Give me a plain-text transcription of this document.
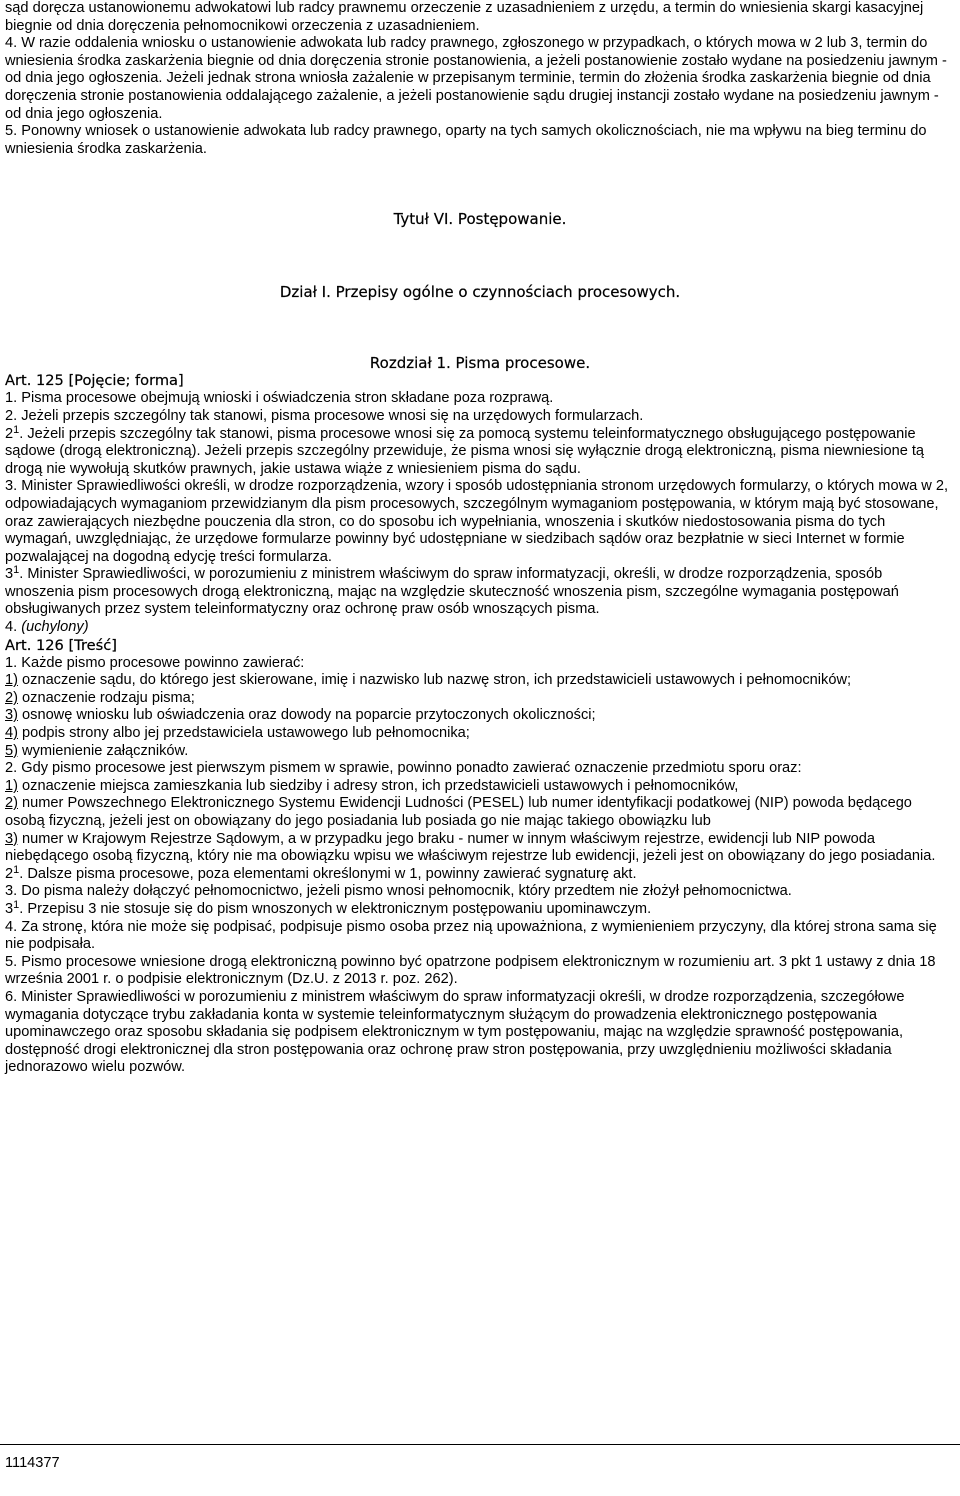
sąd doręcza ustanowionemu adwokatowi lub radcy prawnemu orzeczenie z uzasadnieniem z urzędu, a termin do wniesienia skargi kasacyjnej biegnie od dnia doręczenia pełnomocnikowi orzeczenia z uzasadnieniem.

4. W razie oddalenia wniosku o ustanowienie adwokata lub radcy prawnego, zgłoszonego w przypadkach, o których mowa w 2 lub 3, termin do wniesienia środka zaskarżenia biegnie od dnia doręczenia stronie postanowienia, a jeżeli postanowienie zostało wydane na posiedzeniu jawnym - od dnia jego ogłoszenia. Jeżeli jednak strona wniosła zażalenie w przepisanym terminie, termin do złożenia środka zaskarżenia biegnie od dnia doręczenia stronie postanowienia oddalającego zażalenie, a jeżeli postanowienie sądu drugiej instancji zostało wydane na posiedzeniu jawnym - od dnia jego ogłoszenia.

5. Ponowny wniosek o ustanowienie adwokata lub radcy prawnego, oparty na tych samych okolicznościach, nie ma wpływu na bieg terminu do wniesienia środka zaskarżenia.

Tytuł VI. Postępowanie.

Dział I. Przepisy ogólne o czynnościach procesowych.

Rozdział 1. Pisma procesowe.

Art. 125 [Pojęcie; forma]

1. Pisma procesowe obejmują wnioski i oświadczenia stron składane poza rozprawą.

2. Jeżeli przepis szczególny tak stanowi, pisma procesowe wnosi się na urzędowych formularzach.

$2^1$. Jeżeli przepis szczególny tak stanowi, pisma procesowe wnosi się za pomocą systemu teleinformatycznego obsługującego postępowanie sądowe (drogą elektroniczną). Jeżeli przepis szczególny przewiduje, że pisma wnosi się wyłącznie drogą elektroniczną, pisma niewniesione tą drogą nie wywołują skutków prawnych, jakie ustawa wiąże z wniesieniem pisma do sądu.

3. Minister Sprawiedliwości określi, w drodze rozporządzenia, wzory i sposób udostępniania stronom urzędowych formularzy, o których mowa w 2, odpowiadających wymaganiom przewidzianym dla pism procesowych, szczególnym wymaganiom postępowania, w którym mają być stosowane, oraz zawierających niezbędne pouczenia dla stron, co do sposobu ich wypełniania, wnoszenia i skutków niedostosowania pisma do tych wymagań, uwzględniając, że urzędowe formularze powinny być udostępniane w siedzibach sądów oraz bezpłatnie w sieci Internet w formie pozwalającej na dogodną edycję treści formularza.

$3^1$. Minister Sprawiedliwości, w porozumieniu z ministrem właściwym do spraw informatyzacji, określi, w drodze rozporządzenia, sposób wnoszenia pism procesowych drogą elektroniczną, mając na względzie skuteczność wnoszenia pism, szczególne wymagania postępowań obsługiwanych przez system teleinformatyczny oraz ochronę praw osób wnoszących pisma.

4. (uchylony)

Art. 126 [Treść]

1. Każde pismo procesowe powinno zawierać:

1) oznaczenie sądu, do którego jest skierowane, imię i nazwisko lub nazwę stron, ich przedstawicieli ustawowych i pełnomocników;

2) oznaczenie rodzaju pisma;

3) osnowę wniosku lub oświadczenia oraz dowody na poparcie przytoczonych okoliczności;

4) podpis strony albo jej przedstawiciela ustawowego lub pełnomocnika;

5) wymienienie załączników.

2. Gdy pismo procesowe jest pierwszym pismem w sprawie, powinno ponadto zawierać oznaczenie przedmiotu sporu oraz:

1) oznaczenie miejsca zamieszkania lub siedziby i adresy stron, ich przedstawicieli ustawowych i pełnomocników,

2) numer Powszechnego Elektronicznego Systemu Ewidencji Ludności (PESEL) lub numer identyfikacji podatkowej (NIP) powoda będącego osobą fizyczną, jeżeli jest on obowiązany do jego posiadania lub posiada go nie mając takiego obowiązku lub

3) numer w Krajowym Rejestrze Sądowym, a w przypadku jego braku - numer w innym właściwym rejestrze, ewidencji lub NIP powoda niebędącego osobą fizyczną, który nie ma obowiązku wpisu we właściwym rejestrze lub ewidencji, jeżeli jest on obowiązany do jego posiadania.

$2^1$. Dalsze pisma procesowe, poza elementami określonymi w 1, powinny zawierać sygnaturę akt.

3. Do pisma należy dołączyć pełnomocnictwo, jeżeli pismo wnosi pełnomocnik, który przedtem nie złożył pełnomocnictwa.

$3^1$. Przepisu 3 nie stosuje się do pism wnoszonych w elektronicznym postępowaniu upominawczym.

4. Za stronę, która nie może się podpisać, podpisuje pismo osoba przez nią upoważniona, z wymienieniem przyczyny, dla której strona sama się nie podpisała.

5. Pismo procesowe wniesione drogą elektroniczną powinno być opatrzone podpisem elektronicznym w rozumieniu art. 3 pkt 1 ustawy z dnia 18 września 2001 r. o podpisie elektronicznym (Dz.U. z 2013 r. poz. 262).

6. Minister Sprawiedliwości w porozumieniu z ministrem właściwym do spraw informatyzacji określi, w drodze rozporządzenia, szczegółowe wymagania dotyczące trybu zakładania konta w systemie teleinformatycznym służącym do prowadzenia elektronicznego postępowania upominawczego oraz sposobu składania się podpisem elektronicznym w tym postępowaniu, mając na względzie sprawność postępowania, dostępność drogi elektronicznej dla stron postępowania oraz ochronę praw stron postępowania, przy uwzględnieniu możliwości składania jednorazowo wielu pozwów.

1114377
